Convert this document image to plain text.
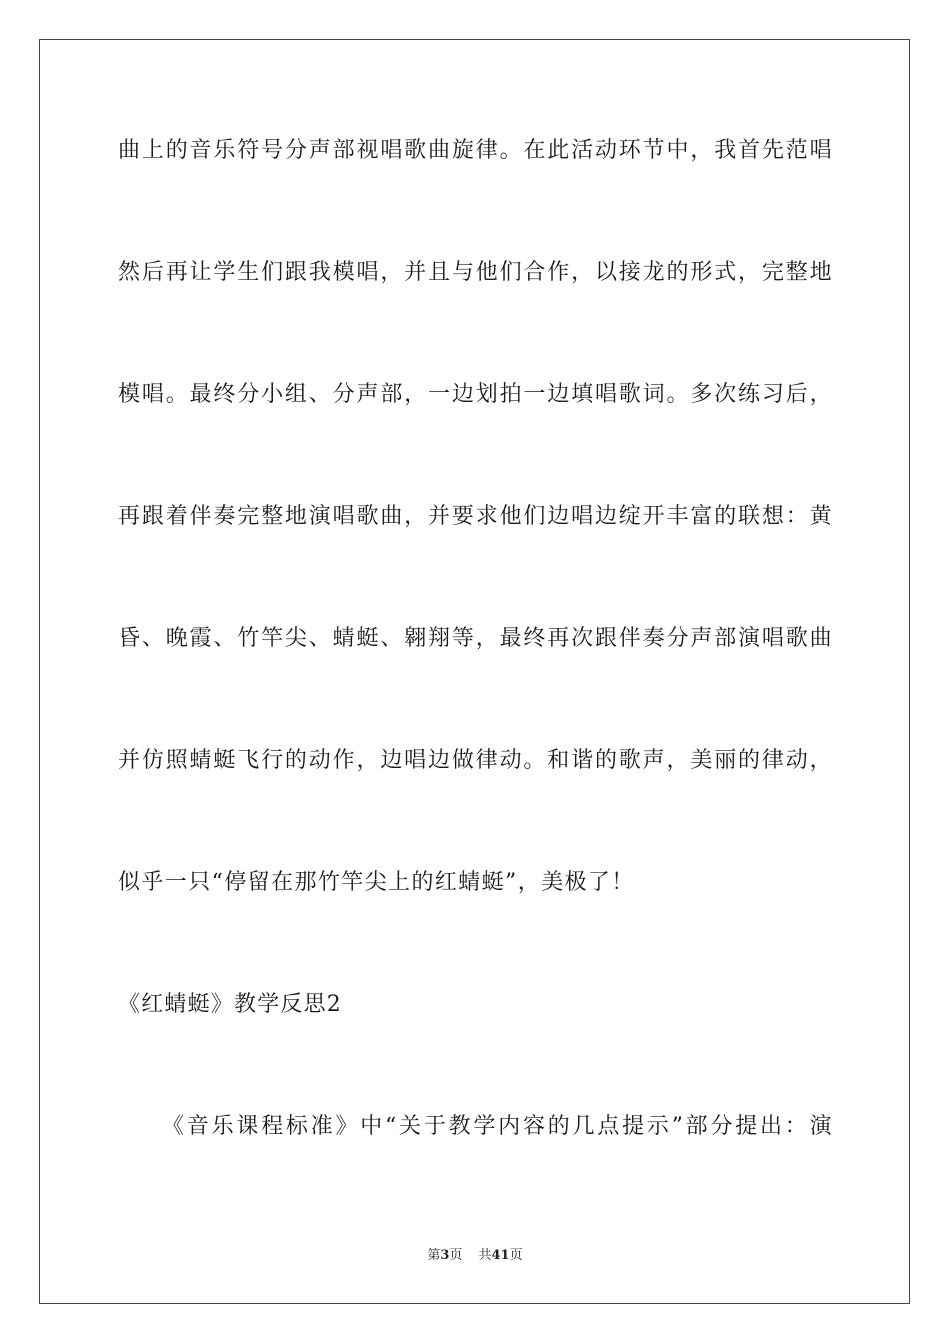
曲上的音乐符号分声部视唱歌曲旋律。在此活动环节中，我首先范唱
然后再让学生们跟我模唱，并且与他们合作，以接龙的形式，完整地
模唱。最终分小组、分声部，一边划拍一边填唱歌词。多次练习后，
再跟着伴奏完整地演唱歌曲，并要求他们边唱边绽开丰富的联想：黄
昏、晚霞、竹竿尖、蜻蜓、翱翔等，最终再次跟伴奏分声部演唱歌曲
并仿照蜻蜓飞行的动作，边唱边做律动。和谐的歌声，美丽的律动，
似乎一只“停留在那竹竿尖上的红蜻蜓”，美极了！
《红蜻蜓》教学反思2
《音乐课程标准》中“关于教学内容的几点提示”部分提出：演
第3页 共41页
